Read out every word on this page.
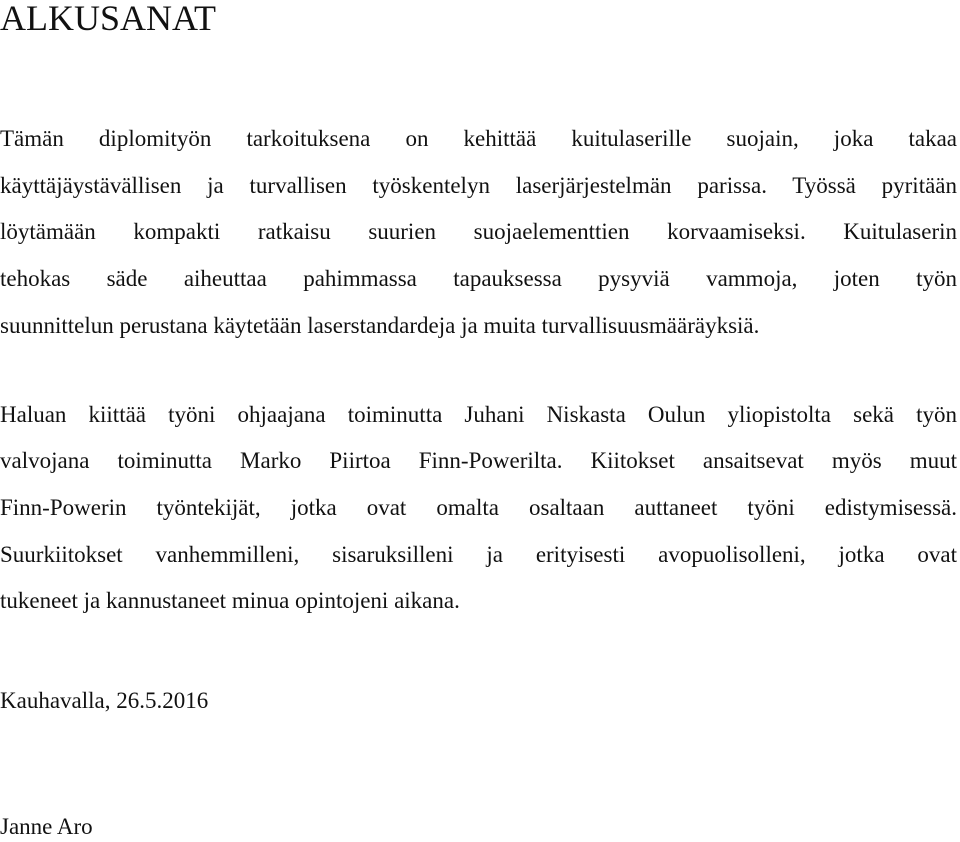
ALKUSANAT

Tämän diplomityön tarkoituksena on kehittää kuitulaserille suojain, joka takaa

käyttäjäystävällisen ja turvallisen työskentelyn laserjärjestelmän parissa. Työssä pyritään

löytämään kompakti ratkaisu suurien suojaelementtien korvaamiseksi. Kuitulaserin

tehokas säde aiheuttaa pahimmassa tapauksessa pysyviä vammoja, joten työn

suunnittelun perustana käytetään laserstandardeja ja muita turvallisuusmääräyksiä.

Haluan kiittää työni ohjaajana toiminutta Juhani Niskasta Oulun yliopistolta sekä työn

valvojana toiminutta Marko Piirtoa Finn-Powerilta. Kiitokset ansaitsevat myös muut

Finn-Powerin työntekijät, jotka ovat omalta osaltaan auttaneet työni edistymisessä.

Suurkiitokset vanhemmilleni, sisaruksilleni ja erityisesti avopuolisolleni, jotka ovat

tukeneet ja kannustaneet minua opintojeni aikana.

Kauhavalla, 26.5.2016

Janne Aro
